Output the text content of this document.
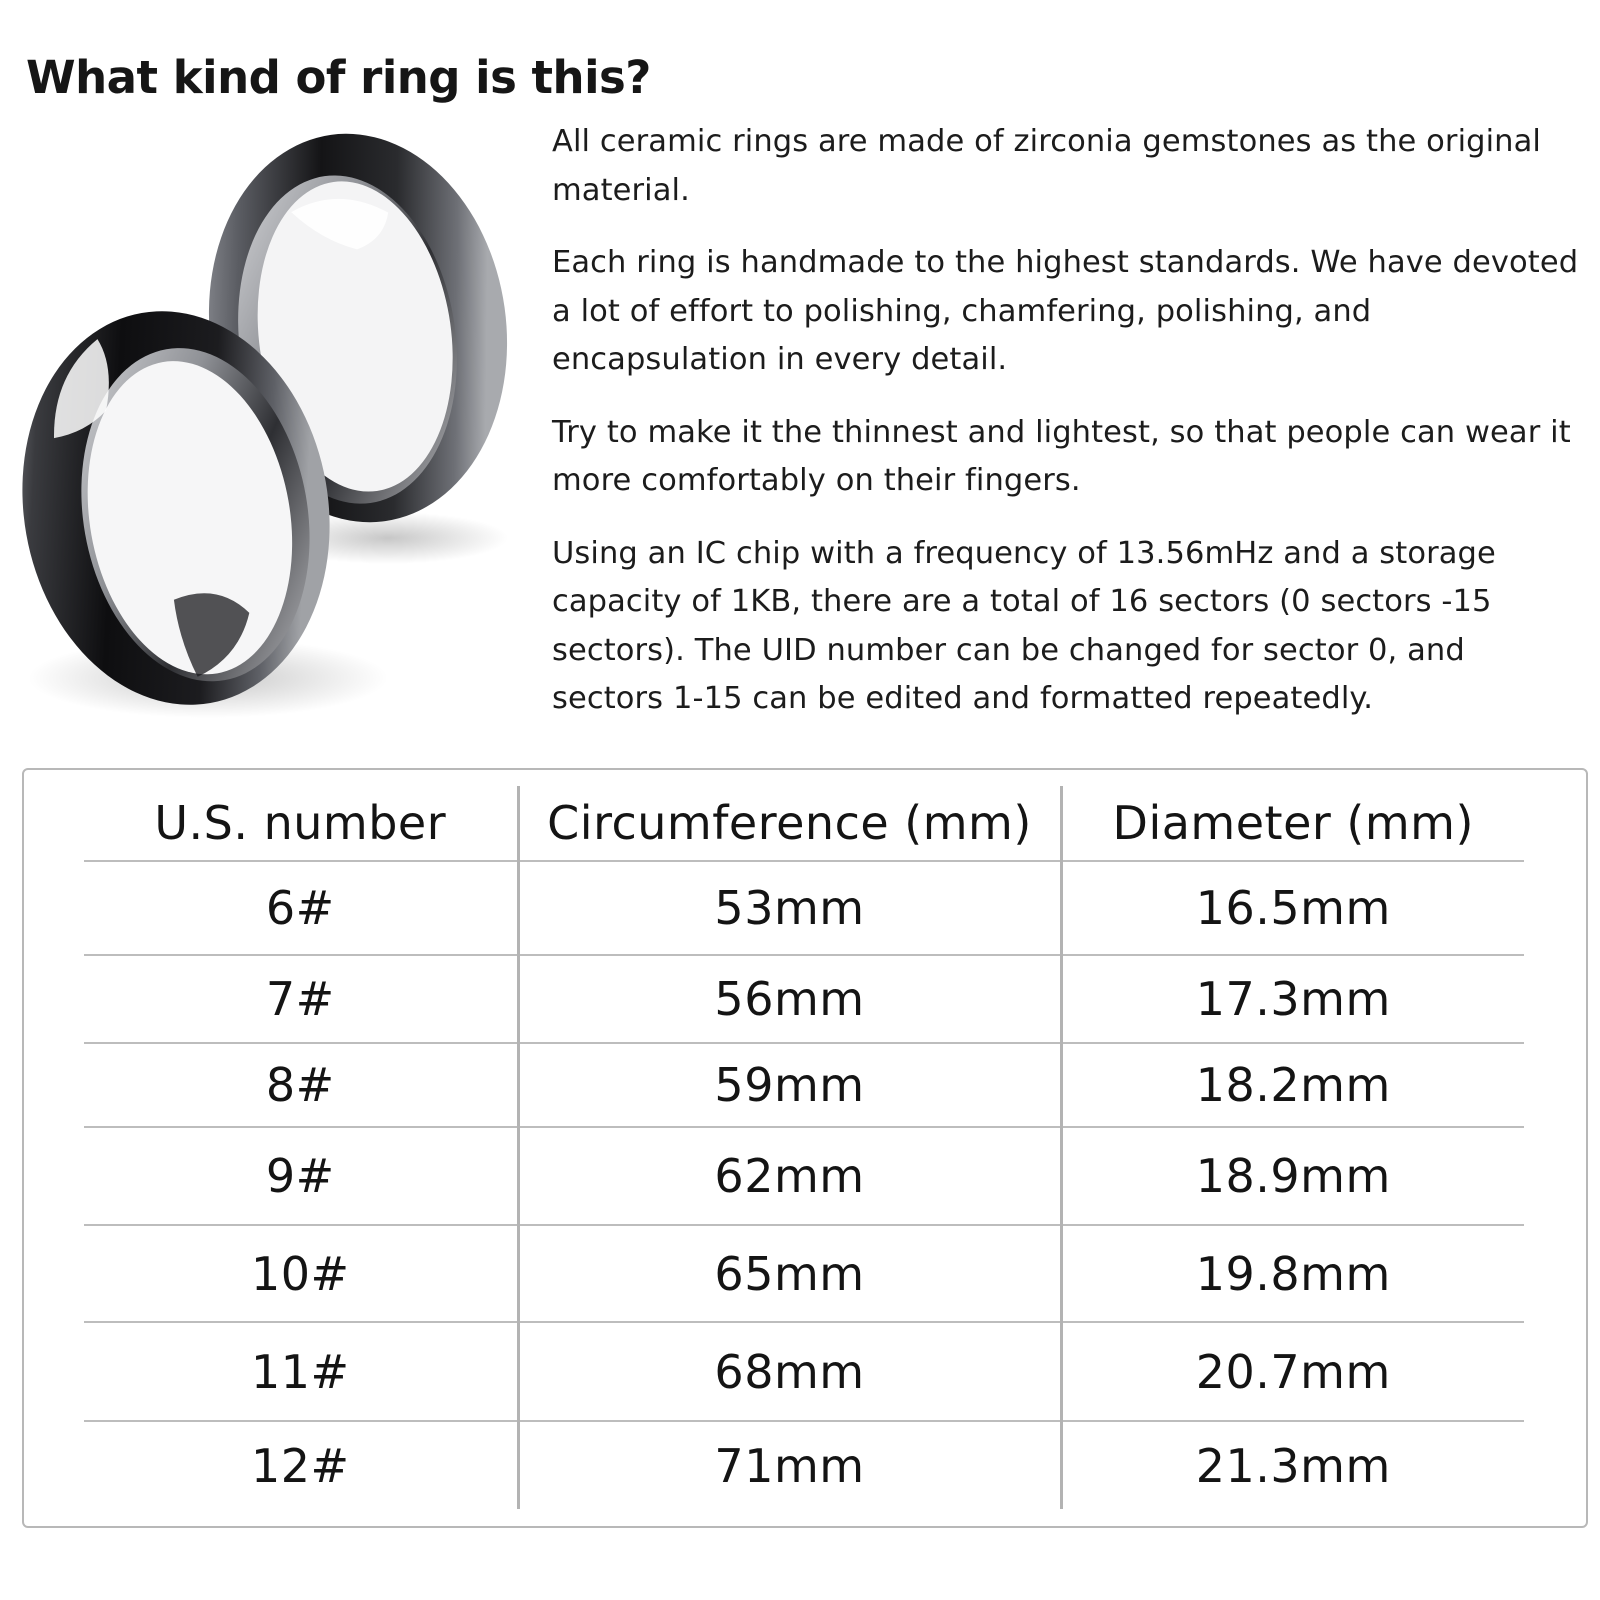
What kind of ring is this?

All ceramic rings are made of zirconia gemstones as the original material.

Each ring is handmade to the highest standards. We have devoted a lot of effort to polishing, chamfering, polishing, and encapsulation in every detail.

Try to make it the thinnest and lightest, so that people can wear it more comfortably on their fingers.

Using an IC chip with a frequency of 13.56mHz and a storage capacity of 1KB, there are a total of 16 sectors (0 sectors -15 sectors). The UID number can be changed for sector 0, and sectors 1-15 can be edited and formatted repeatedly.

U.S. number	Circumference (mm)	Diameter (mm)
6#	53mm	16.5mm
7#	56mm	17.3mm
8#	59mm	18.2mm
9#	62mm	18.9mm
10#	65mm	19.8mm
11#	68mm	20.7mm
12#	71mm	21.3mm
